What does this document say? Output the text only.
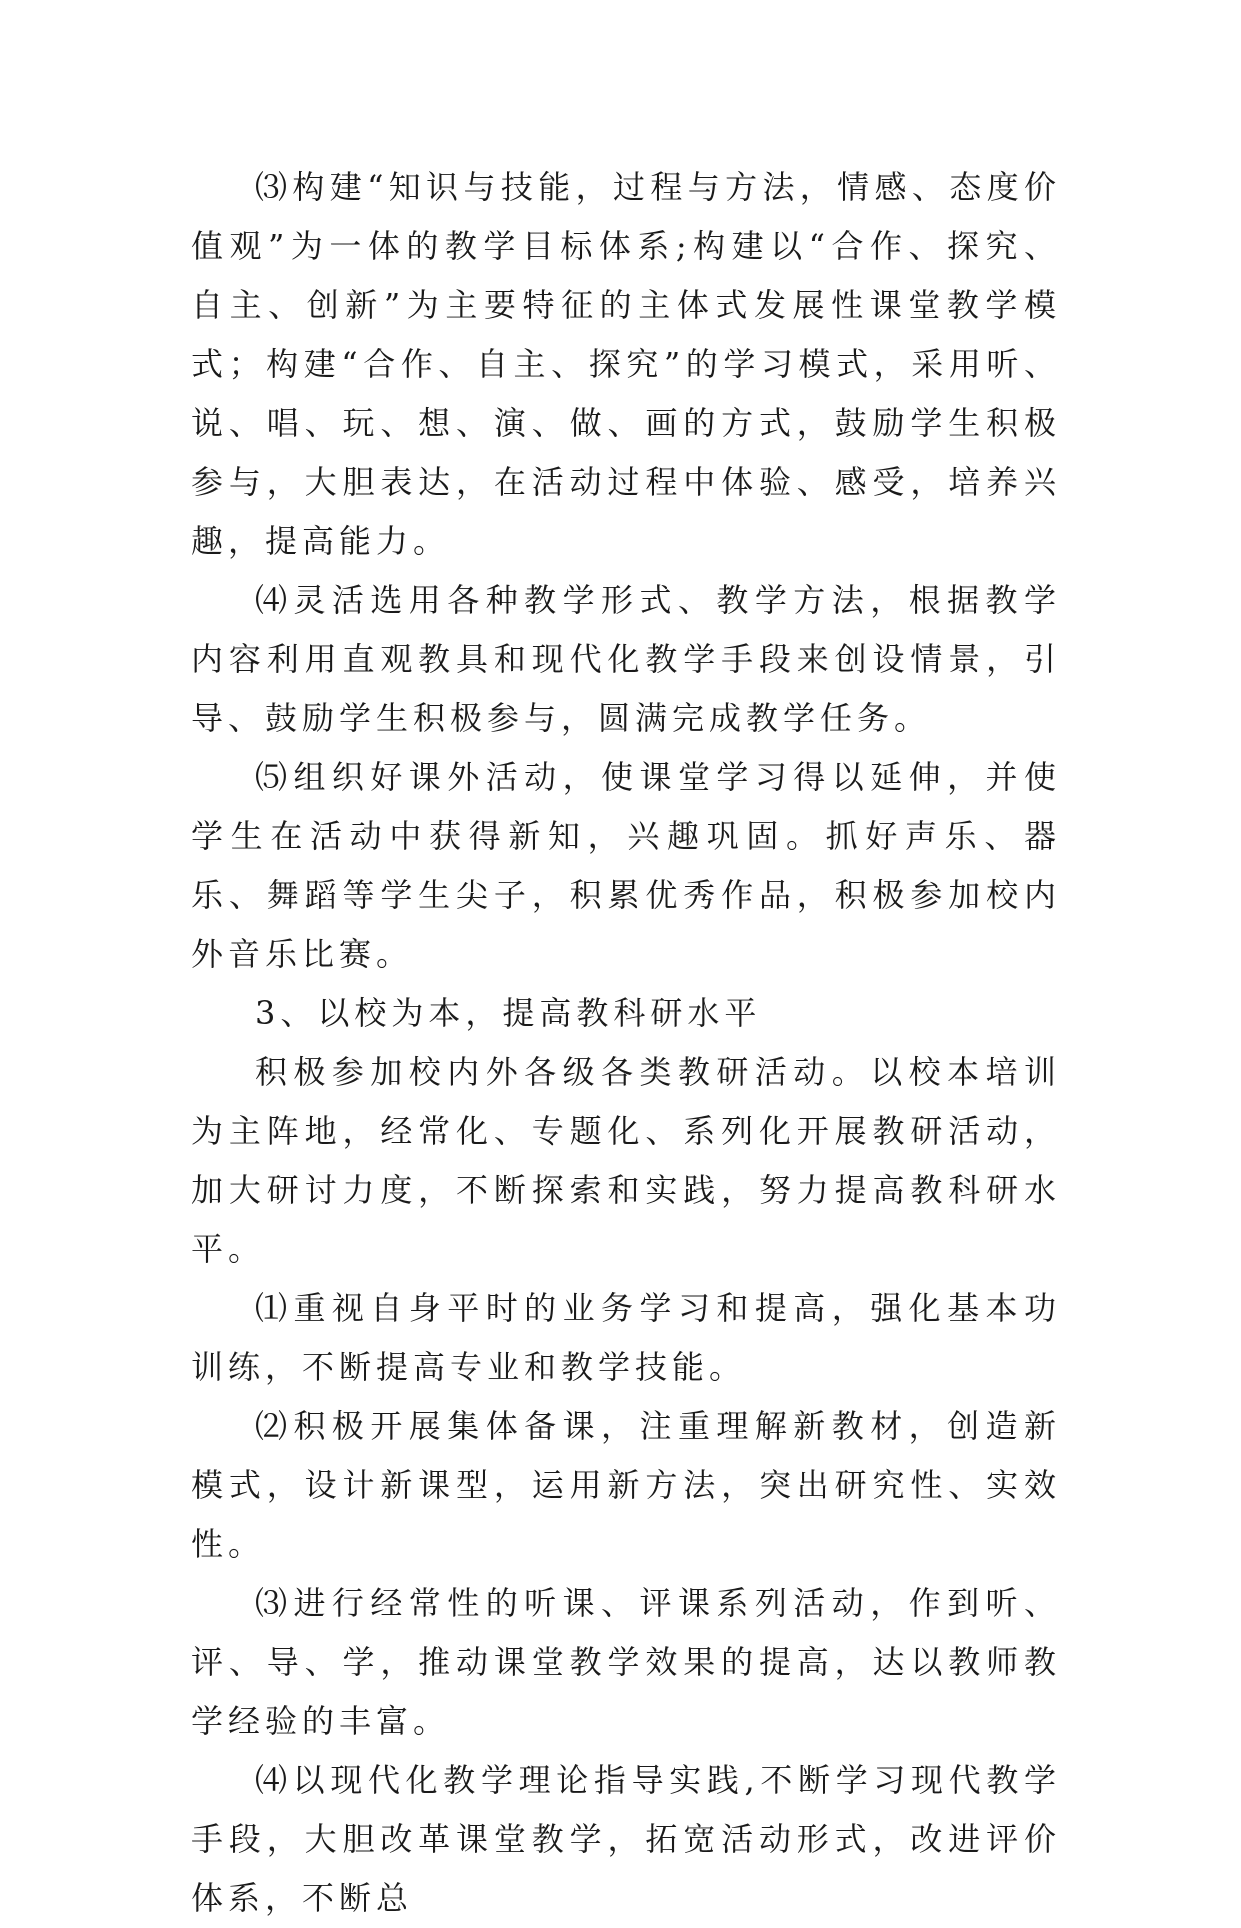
⑶构建“知识与技能，过程与方法，情感、态度价值观”为一体的教学目标体系;构建以“合作、探究、自主、创新”为主要特征的主体式发展性课堂教学模式；构建“合作、自主、探究”的学习模式，采用听、说、唱、玩、想、演、做、画的方式，鼓励学生积极参与，大胆表达，在活动过程中体验、感受，培养兴趣，提高能力。

⑷灵活选用各种教学形式、教学方法，根据教学内容利用直观教具和现代化教学手段来创设情景，引导、鼓励学生积极参与，圆满完成教学任务。

⑸组织好课外活动，使课堂学习得以延伸，并使学生在活动中获得新知，兴趣巩固。抓好声乐、器乐、舞蹈等学生尖子，积累优秀作品，积极参加校内外音乐比赛。

3、以校为本，提高教科研水平

积极参加校内外各级各类教研活动。以校本培训为主阵地，经常化、专题化、系列化开展教研活动，加大研讨力度，不断探索和实践，努力提高教科研水平。

⑴重视自身平时的业务学习和提高，强化基本功训练，不断提高专业和教学技能。

⑵积极开展集体备课，注重理解新教材，创造新模式，设计新课型，运用新方法，突出研究性、实效性。

⑶进行经常性的听课、评课系列活动，作到听、评、导、学，推动课堂教学效果的提高，达以教师教学经验的丰富。

⑷以现代化教学理论指导实践,不断学习现代教学手段，大胆改革课堂教学，拓宽活动形式，改进评价体系，不断总
